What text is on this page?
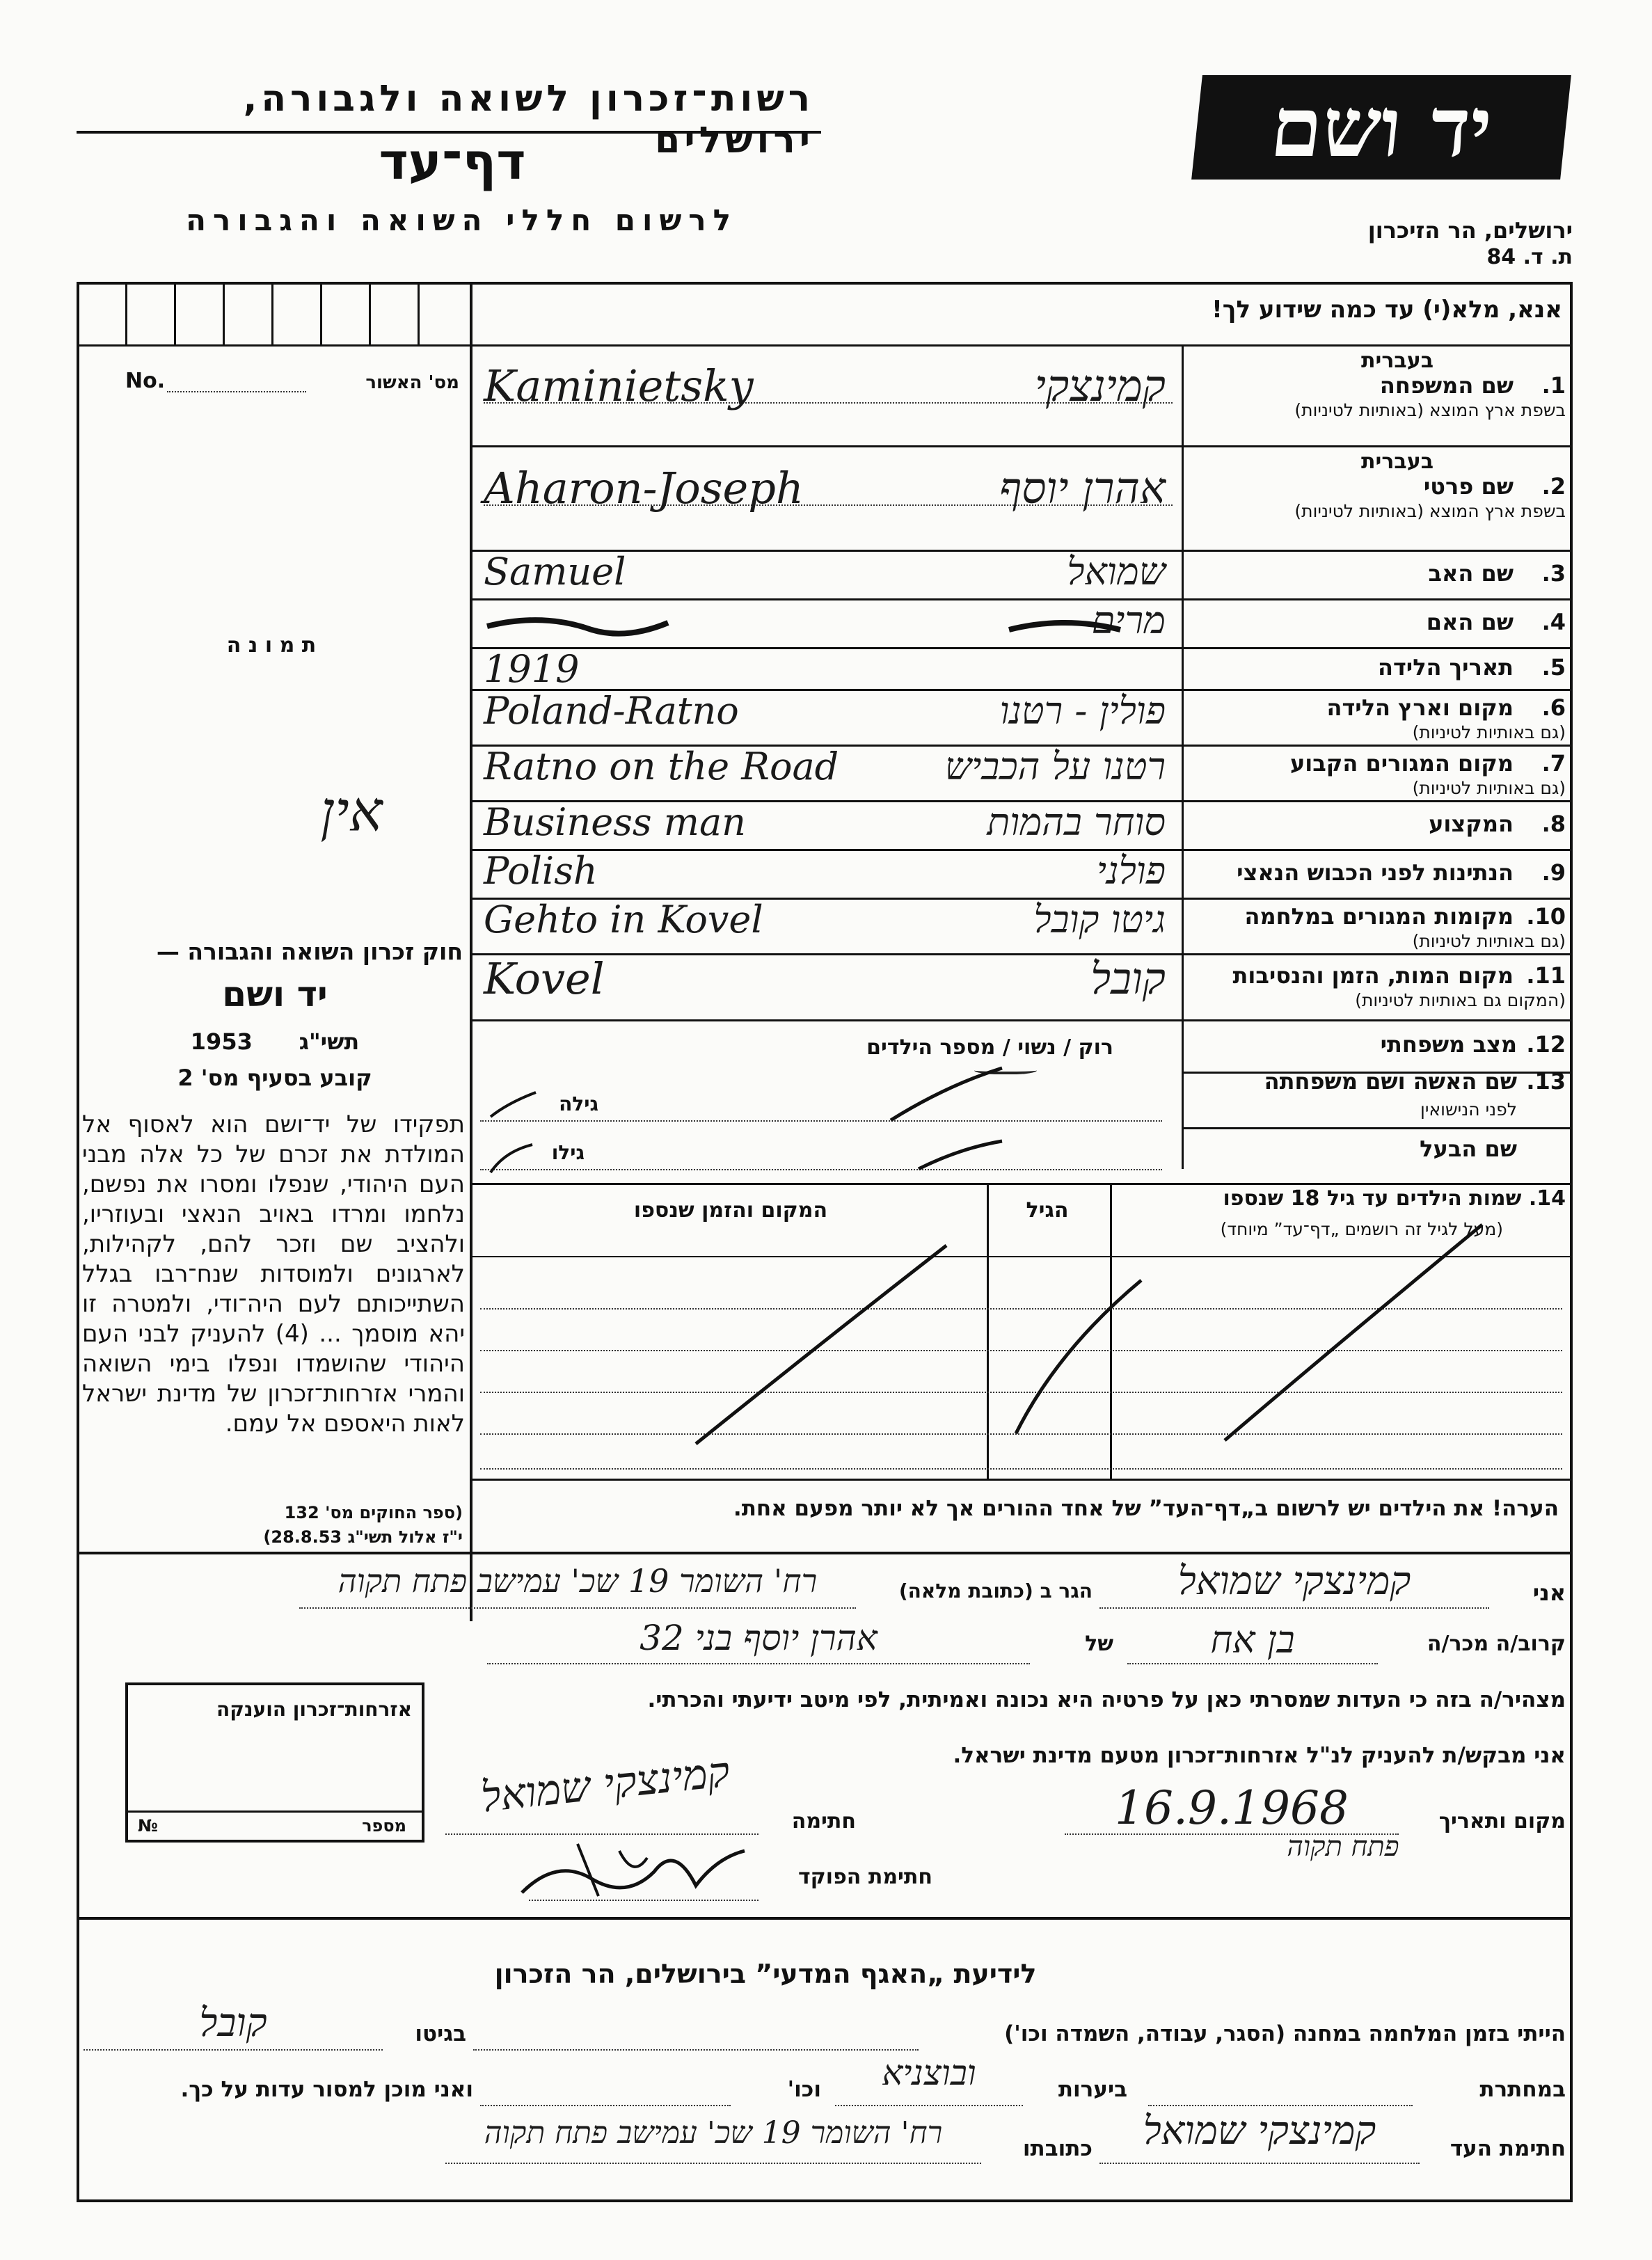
יד ושם
רשות־זכרון לשואה ולגבורה, ירושלים
דף־עד
לרשום חללי השואה והגבורה	ירושלים, הר הזיכרון
ת. ד. 84
אנא, מלא(י) עד כמה שידוע לך!
No.	מס' האשור
ת מ ו נ ה
אין
1.
שם המשפחה
בעברית
בשפת ארץ המוצא (באותיות לטיניות)
Kaminietsky	קמינצקי
2.
שם פרטי
בעברית
בשפת ארץ המוצא (באותיות לטיניות)
Aharon-Joseph	אהרן יוסף
3.
שם האב
Samuel	שמואל
4.
שם האם
מרים
5.
תאריך הלידה
1919
6.
מקום וארץ הלידה
(גם באותיות לטיניות)
Poland-Ratno	פולין - רטנו
7.
מקום המגורים הקבוע
(גם באותיות לטיניות)
Ratno on the Road	רטנו על הכביש
8.
המקצוע
Business man	סוחר בהמות
9.
הנתינות לפני הכבוש הנאצי
Polish	פולני
10.
מקומות המגורים במלחמה
(גם באותיות לטיניות)
Gehto in Kovel	גיטו קובל
11.
מקום המות, הזמן והנסיבות
(המקום גם באותיות לטיניות)
Kovel	קובל
12.
מצב משפחתי
רוק / נשוי / מספר הילדים
13.
שם האשה ושם משפחתה
לפני הנישואין
גילה
שם הבעל
גילו
14. שמות הילדים עד גיל 18 שנספו
(מעל לגיל זה רושמים „דף־עד” מיוחד)
הגיל
המקום והזמן שנספו
הערה! את הילדים יש לרשום ב„דף־העד” של אחד ההורים אך לא יותר מפעם אחת.
חוק זכרון השואה והגבורה —
יד ושם
1953 תשי"ג
קובע בסעיף מס' 2
תפקידו של יד־ושם הוא לאסוף אל המולדת את זכרם של כל אלה מבני העם היהודי, שנפלו ומסרו את נפשם, נלחמו ומרדו באויב הנאצי ובעוזריו, ולהציב שם וזכר להם, לקהילות, לארגונים ולמוסדות שנח־רבו בגלל השתייכותם לעם היה־ודי, ולמטרה זו יהא מוסמך ... (4) להעניק לבני העם היהודי שהושמדו ונפלו בימי השואה והמרי אזרחות־זכרון של מדינת ישראל לאות היאספם אל עמם.
(ספר החוקים מס' 132
י"ז אלול תשי"ג 28.8.53)
אזרחות־זכרון הוענקה
№	מספר
אני
קמינצקי שמואל
הגר ב (כתובת מלאה)
רח' השומר 19 שכ' עמישב פתח תקוה
קרוב/ה מכר/ה
בן אח
של
אהרן יוסף בני 32
מצהיר/ה בזה כי העדות שמסרתי כאן על פרטיה היא נכונה ואמיתית, לפי מיטב ידיעתי והכרתי.
אני מבקש/ת להעניק לנ"ל אזרחות־זכרון מטעם מדינת ישראל.
מקום ותאריך
16.9.1968
פתח תקוה
חתימה
קמינצקי שמואל
חתימת הפוקד
לידיעת „האגף המדעי” בירושלים, הר הזכרון
הייתי בזמן המלחמה במחנה (הסגר, עבודה, השמדה וכו')
בגיטו
קובל
במחתרת
ביערות
ובוצניא
וכו'
ואני מוכן למסור עדות על כך.
חתימת העד
קמינצקי שמואל
כתובתו
רח' השומר 19 שכ' עמישב פתח תקוה
